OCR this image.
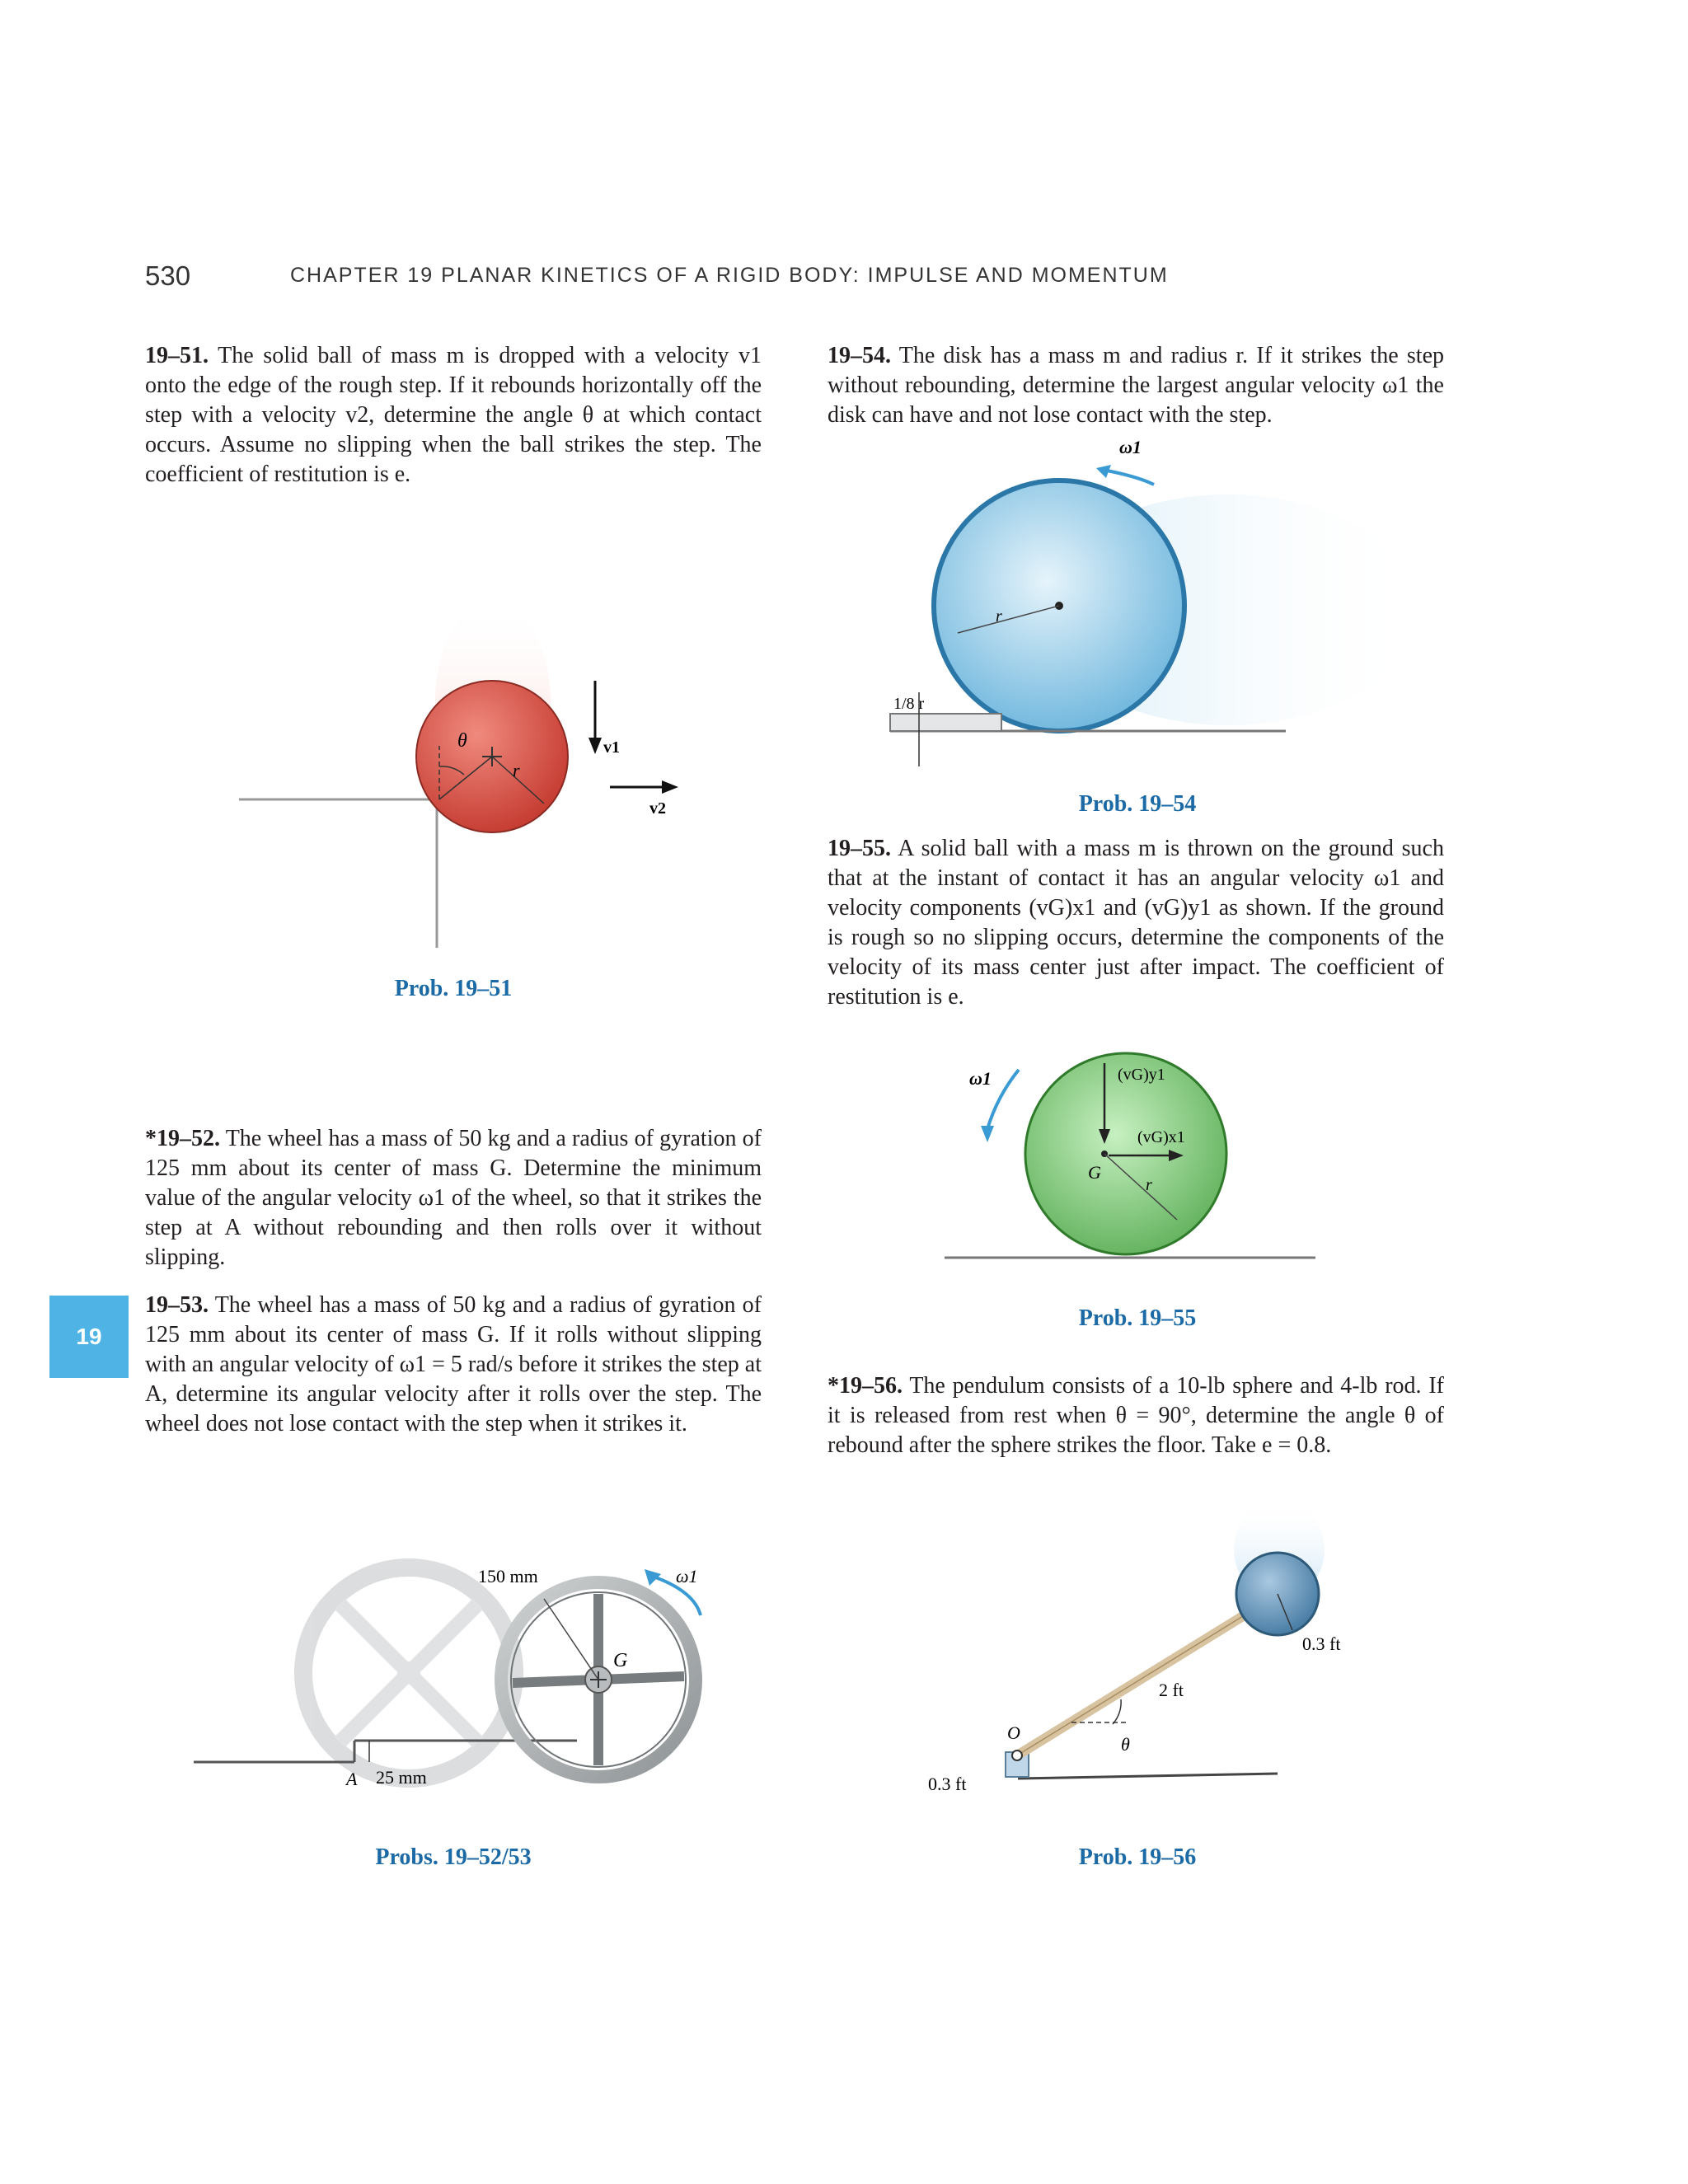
530	CHAPTER 19 PLANAR KINETICS OF A RIGID BODY: IMPULSE AND MOMENTUM
19

19–51. The solid ball of mass m is dropped with a velocity v1 onto the edge of the rough step. If it rebounds horizontally off the step with a velocity v2, determine the angle θ at which contact occurs. Assume no slipping when the ball strikes the step. The coefficient of restitution is e.

θ
r
v1
v2
Prob. 19–51

*19–52. The wheel has a mass of 50 kg and a radius of gyration of 125 mm about its center of mass G. Determine the minimum value of the angular velocity ω1 of the wheel, so that it strikes the step at A without rebounding and then rolls over it without slipping.

19–53. The wheel has a mass of 50 kg and a radius of gyration of 125 mm about its center of mass G. If it rolls without slipping with an angular velocity of ω1 = 5 rad/s before it strikes the step at A, determine its angular velocity after it rolls over the step. The wheel does not lose contact with the step when it strikes it.

A 25 mm
150 mm
G
ω1
Probs. 19–52/53

19–54. The disk has a mass m and radius r. If it strikes the step without rebounding, determine the largest angular velocity ω1 the disk can have and not lose contact with the step.

ω1
r
1/8 r
Prob. 19–54

19–55. A solid ball with a mass m is thrown on the ground such that at the instant of contact it has an angular velocity ω1 and velocity components (vG)x1 and (vG)y1 as shown. If the ground is rough so no slipping occurs, determine the components of the velocity of its mass center just after impact. The coefficient of restitution is e.

ω1	(vG)y1
(vG)x1
G
r
Prob. 19–55

*19–56. The pendulum consists of a 10-lb sphere and 4-lb rod. If it is released from rest when θ = 90°, determine the angle θ of rebound after the sphere strikes the floor. Take e = 0.8.

0.3 ft
O
0.3 ft
2 ft
θ
Prob. 19–56
